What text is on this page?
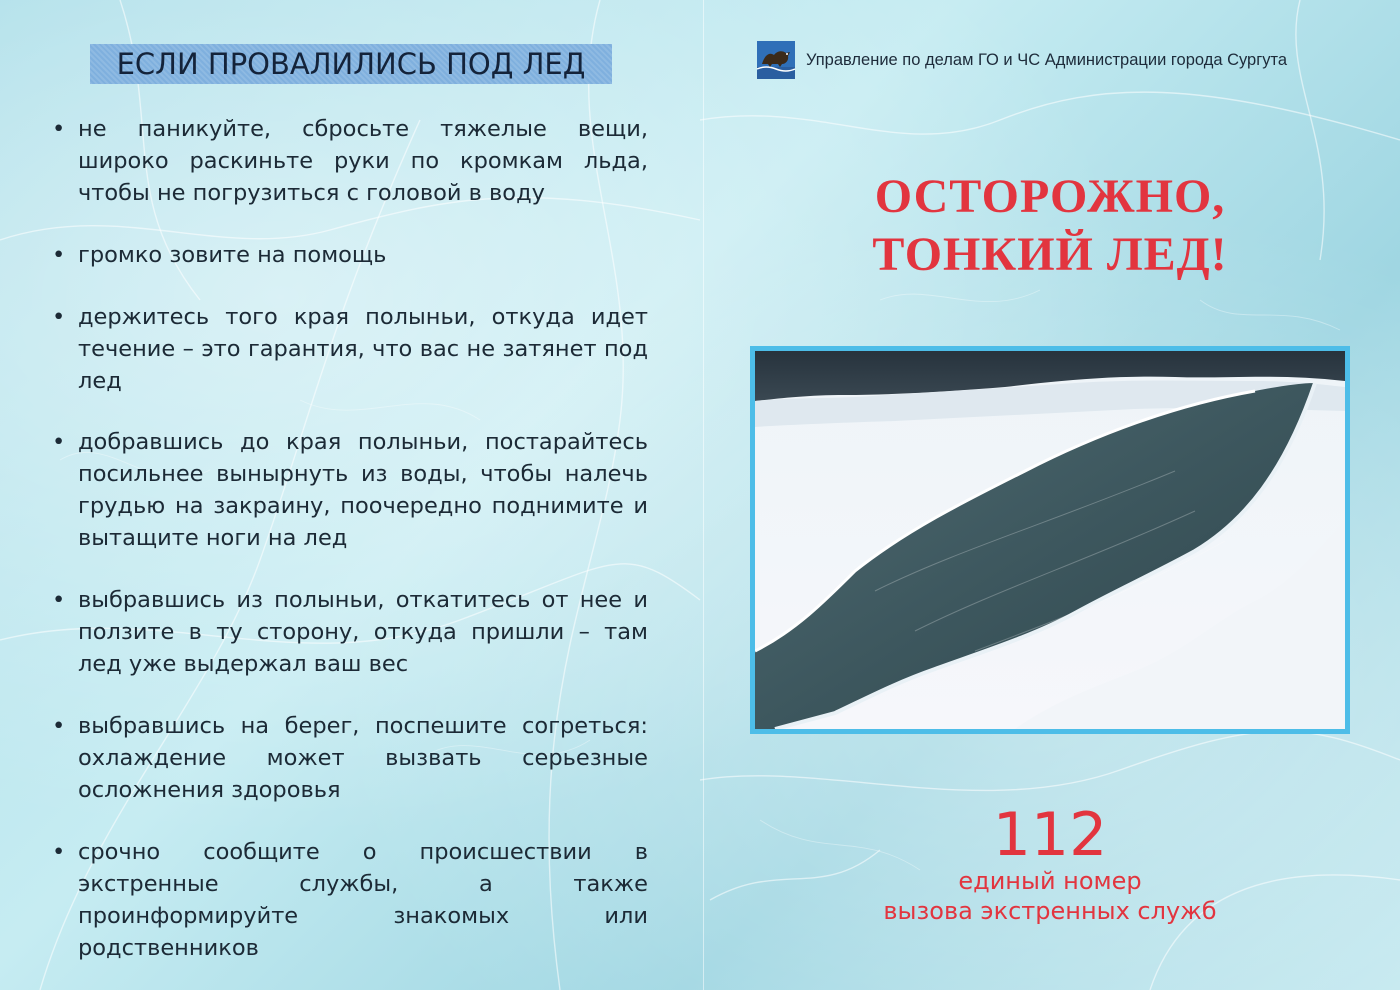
ЕСЛИ ПРОВАЛИЛИСЬ ПОД ЛЕД
• не паникуйте, сбросьте тяжелые вещи, широко раскиньте руки по кромкам льда, чтобы не погрузиться с головой в воду
• громко зовите на помощь
• держитесь того края полыньи, откуда идет течение – это гарантия, что вас не затянет под лед
• добравшись до края полыньи, постарайтесь посильнее вынырнуть из воды, чтобы налечь грудью на закраину, поочередно поднимите и вытащите ноги на лед
• выбравшись из полыньи, откатитесь от нее и ползите в ту сторону, откуда пришли – там лед уже выдержал ваш вес
• выбравшись на берег, поспешите согреться: охлаждение может вызвать серьезные осложнения здоровья
• срочно сообщите о происшествии в экстренные службы, а также проинформируйте знакомых или родственников
Управление по делам ГО и ЧС Администрации города Сургута
ОСТОРОЖНО,
ТОНКИЙ ЛЕД!
112
единый номер
вызова экстренных служб
